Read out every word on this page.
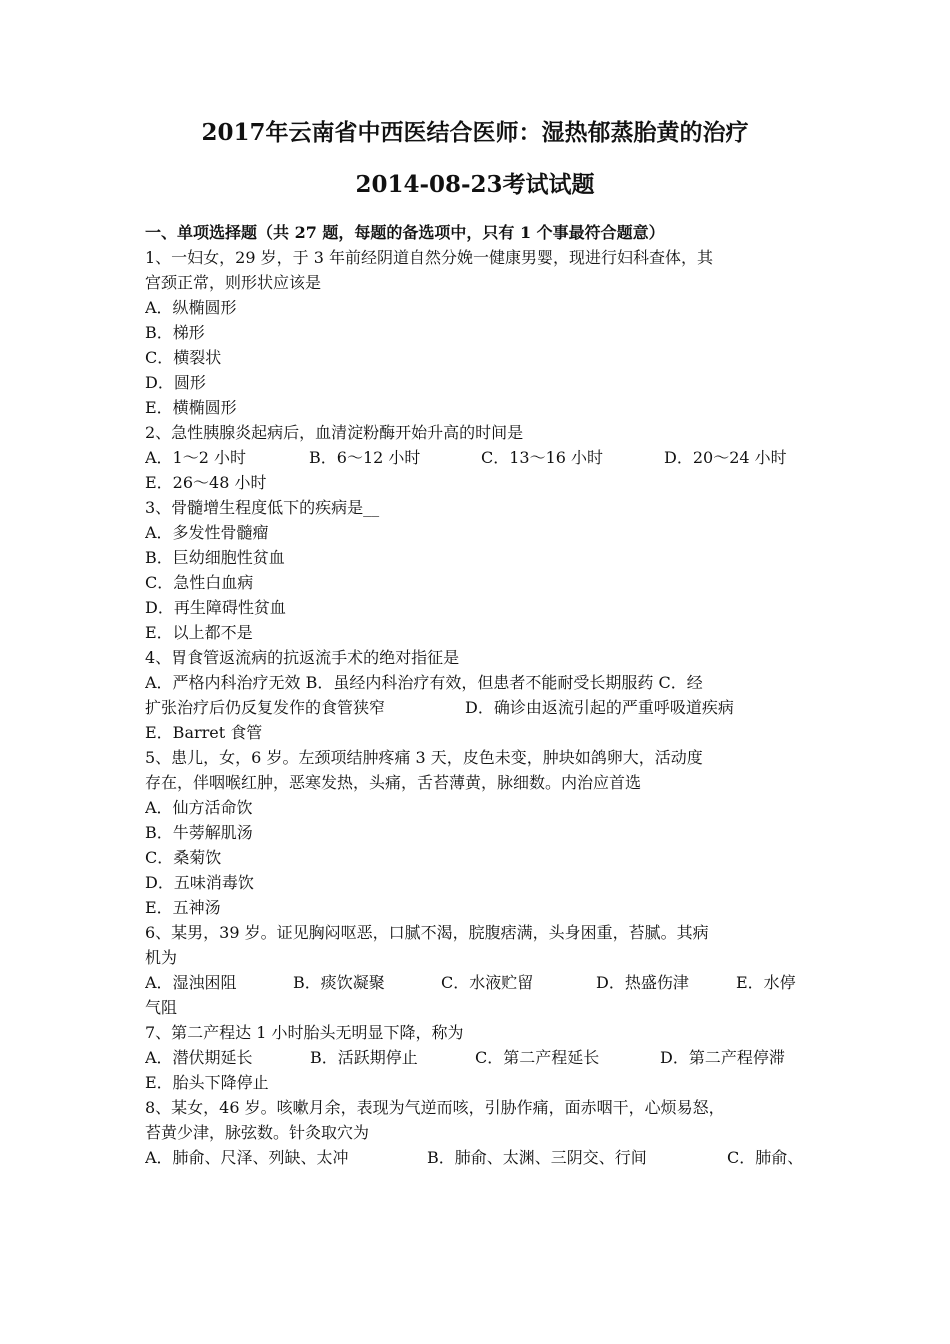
2017年云南省中西医结合医师：湿热郁蒸胎黄的治疗
2014-08-23考试试题
一、单项选择题（共 27 题，每题的备选项中，只有 1 个事最符合题意）
1、一妇女，29 岁，于 3 年前经阴道自然分娩一健康男婴，现进行妇科查体，其
宫颈正常，则形状应该是
A．纵椭圆形
B．梯形
C．横裂状
D．圆形
E．横椭圆形
2、急性胰腺炎起病后，血清淀粉酶开始升高的时间是
A．1～2 小时	B．6～12 小时	C．13～16 小时	D．20～24 小时
E．26～48 小时
3、骨髓增生程度低下的疾病是__
A．多发性骨髓瘤
B．巨幼细胞性贫血
C．急性白血病
D．再生障碍性贫血
E．以上都不是
4、胃食管返流病的抗返流手术的绝对指征是
A．严格内科治疗无效 B．虽经内科治疗有效，但患者不能耐受长期服药 C．经
扩张治疗后仍反复发作的食管狭窄	D．确诊由返流引起的严重呼吸道疾病
E．Barret 食管
5、患儿，女，6 岁。左颈项结肿疼痛 3 天，皮色未变，肿块如鸽卵大，活动度
存在，伴咽喉红肿，恶寒发热，头痛，舌苔薄黄，脉细数。内治应首选
A．仙方活命饮
B．牛蒡解肌汤
C．桑菊饮
D．五味消毒饮
E．五神汤
6、某男，39 岁。证见胸闷呕恶，口腻不渴，脘腹痞满，头身困重，苔腻。其病
机为
A．湿浊困阻	B．痰饮凝聚	C．水液贮留	D．热盛伤津	E．水停
气阻
7、第二产程达 1 小时胎头无明显下降，称为
A．潜伏期延长	B．活跃期停止	C．第二产程延长	D．第二产程停滞
E．胎头下降停止
8、某女，46 岁。咳嗽月余，表现为气逆而咳，引胁作痛，面赤咽干，心烦易怒，
苔黄少津，脉弦数。针灸取穴为
A．肺俞、尺泽、列缺、太冲	B．肺俞、太渊、三阴交、行间	C．肺俞、
